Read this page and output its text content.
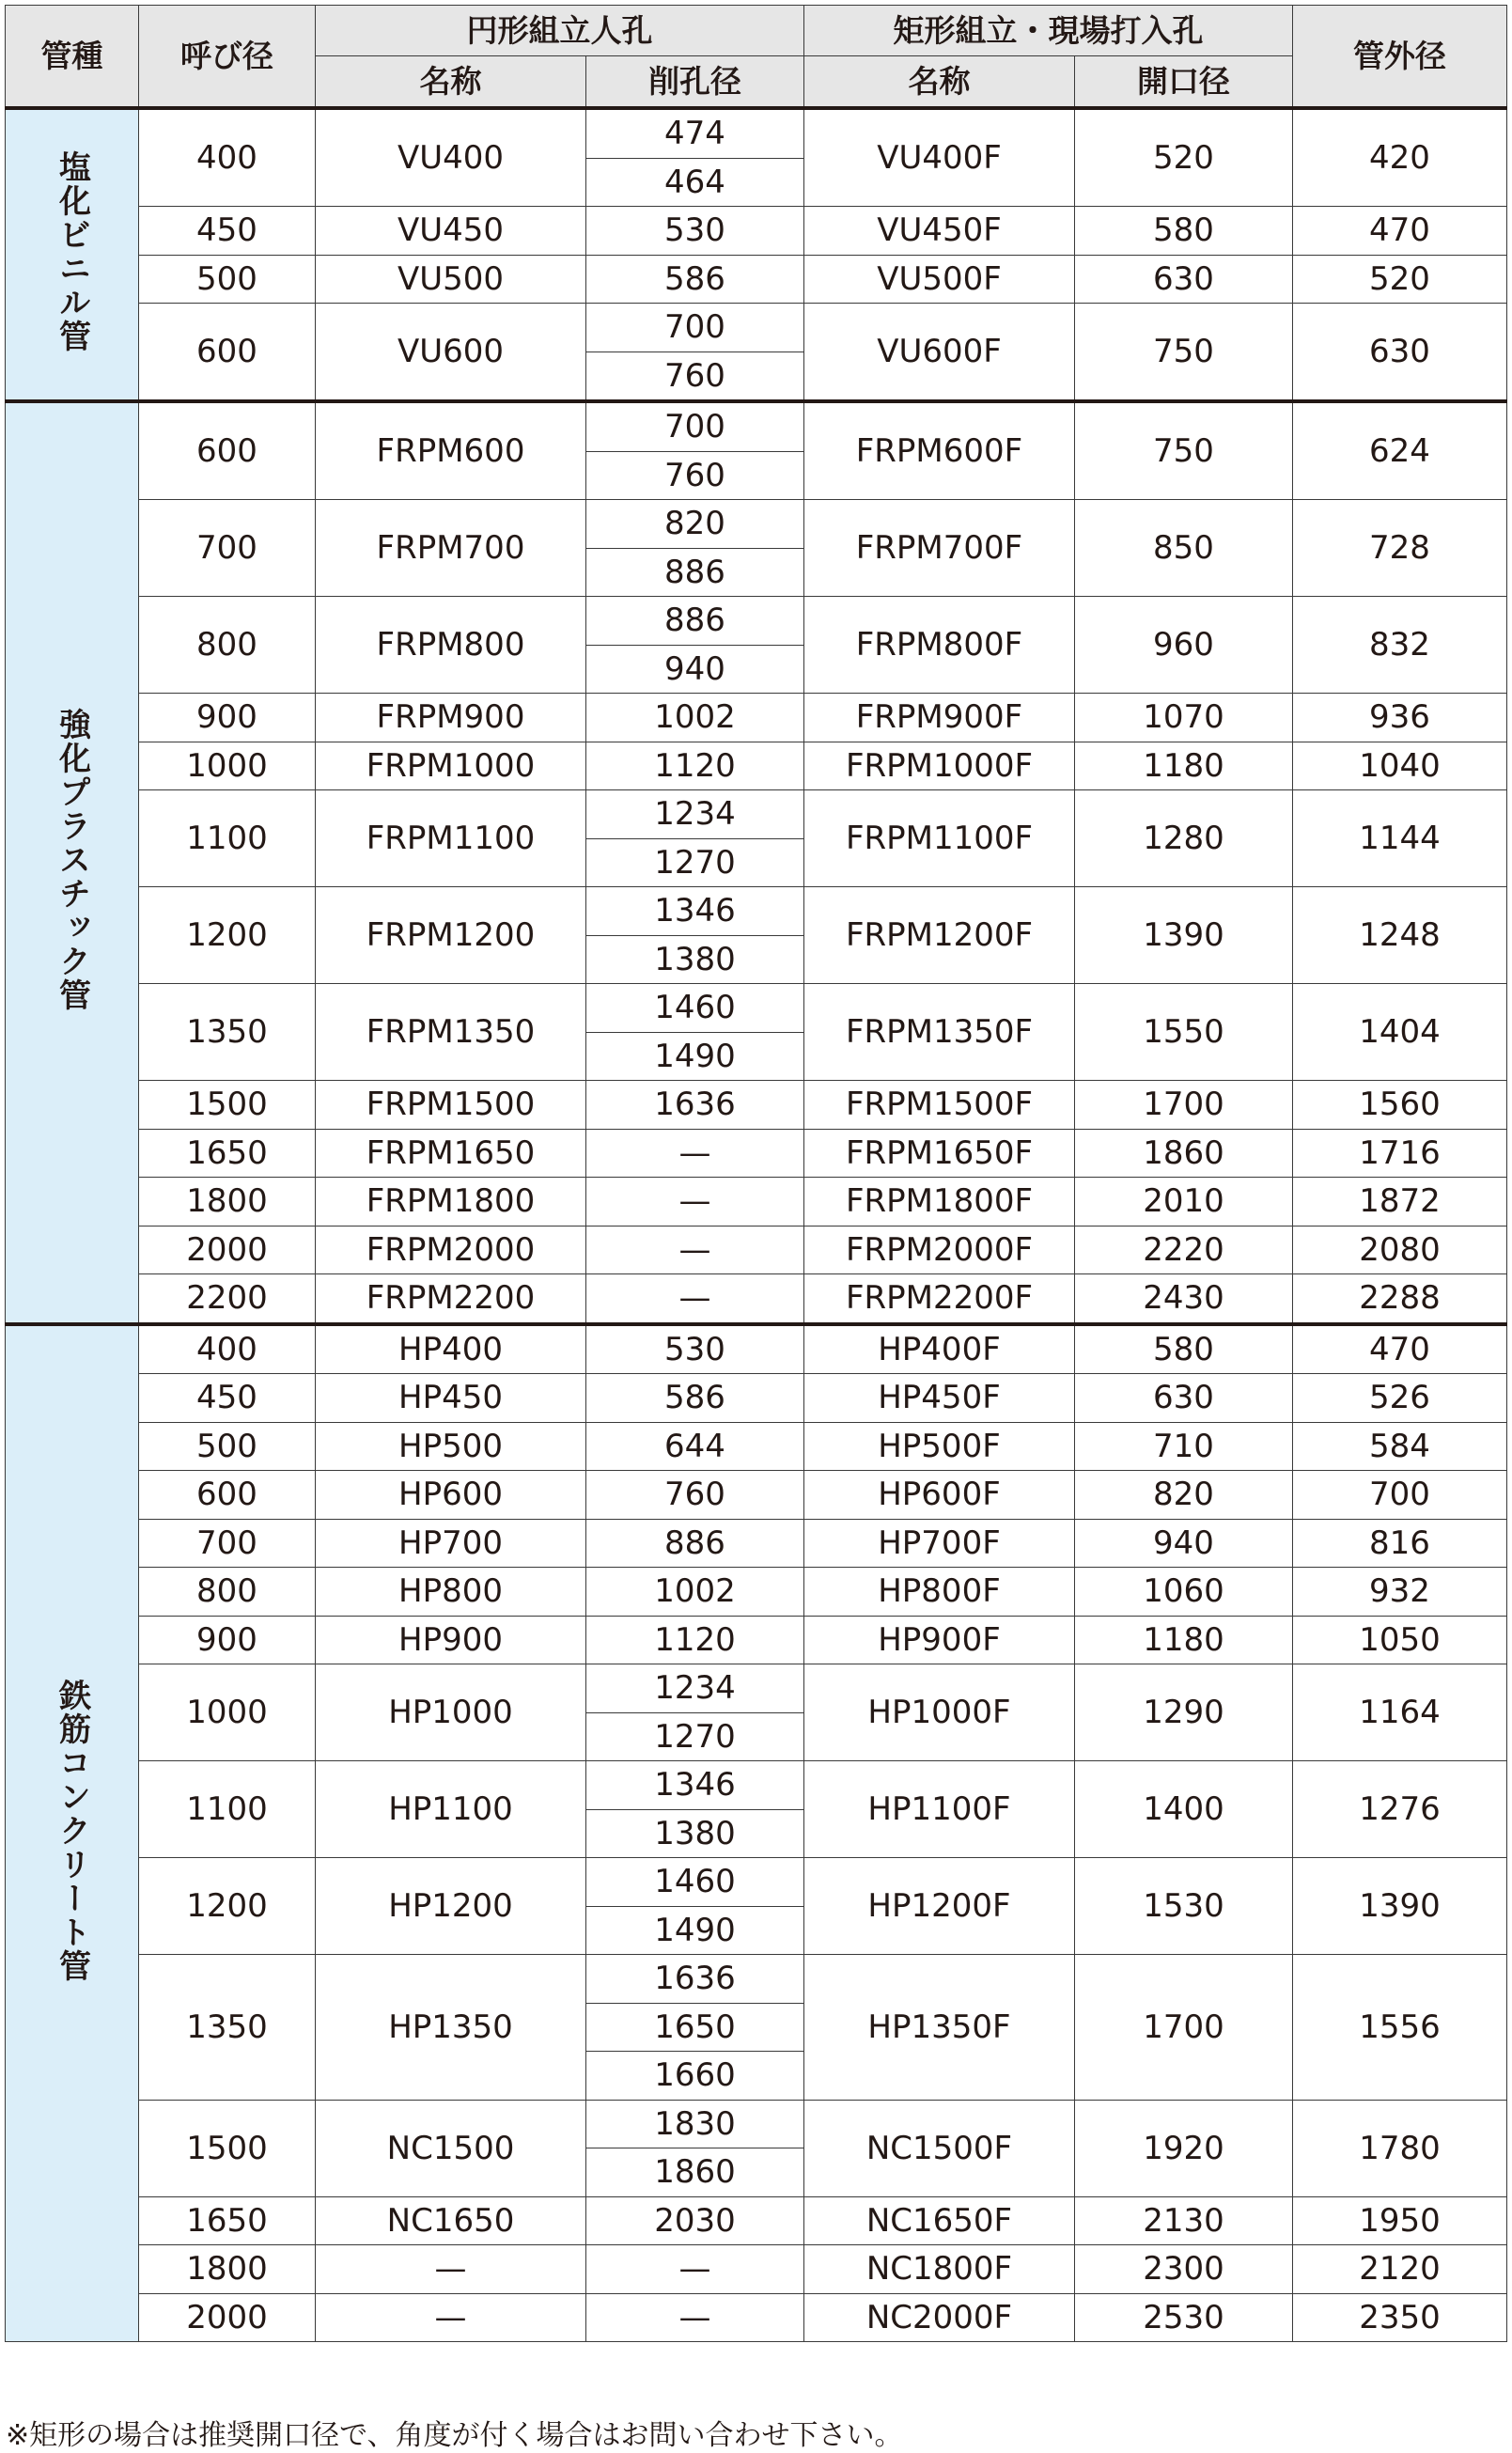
管種	呼び径	円形組立人孔		矩形組立・現場打入孔		管外径
		名称	削孔径	名称	開口径	
塩化ビニル管	400	VU400	474	VU400F	520	420
			464			
	450	VU450	530	VU450F	580	470
	500	VU500	586	VU500F	630	520
	600	VU600	700	VU600F	750	630
			760			
強化プラスチック管	600	FRPM600	700	FRPM600F	750	624
			760			
	700	FRPM700	820	FRPM700F	850	728
			886			
	800	FRPM800	886	FRPM800F	960	832
			940			
	900	FRPM900	1002	FRPM900F	1070	936
	1000	FRPM1000	1120	FRPM1000F	1180	1040
	1100	FRPM1100	1234	FRPM1100F	1280	1144
			1270			
	1200	FRPM1200	1346	FRPM1200F	1390	1248
			1380			
	1350	FRPM1350	1460	FRPM1350F	1550	1404
			1490			
	1500	FRPM1500	1636	FRPM1500F	1700	1560
	1650	FRPM1650	—	FRPM1650F	1860	1716
	1800	FRPM1800	—	FRPM1800F	2010	1872
	2000	FRPM2000	—	FRPM2000F	2220	2080
	2200	FRPM2200	—	FRPM2200F	2430	2288
鉄筋コンクリート管	400	HP400	530	HP400F	580	470
	450	HP450	586	HP450F	630	526
	500	HP500	644	HP500F	710	584
	600	HP600	760	HP600F	820	700
	700	HP700	886	HP700F	940	816
	800	HP800	1002	HP800F	1060	932
	900	HP900	1120	HP900F	1180	1050
	1000	HP1000	1234	HP1000F	1290	1164
			1270			
	1100	HP1100	1346	HP1100F	1400	1276
			1380			
	1200	HP1200	1460	HP1200F	1530	1390
			1490			
	1350	HP1350	1636	HP1350F	1700	1556
			1650			
			1660			
	1500	NC1500	1830	NC1500F	1920	1780
			1860			
	1650	NC1650	2030	NC1650F	2130	1950
	1800	—	—	NC1800F	2300	2120
	2000	—	—	NC2000F	2530	2350
※矩形の場合は推奨開口径で、角度が付く場合はお問い合わせ下さい。
